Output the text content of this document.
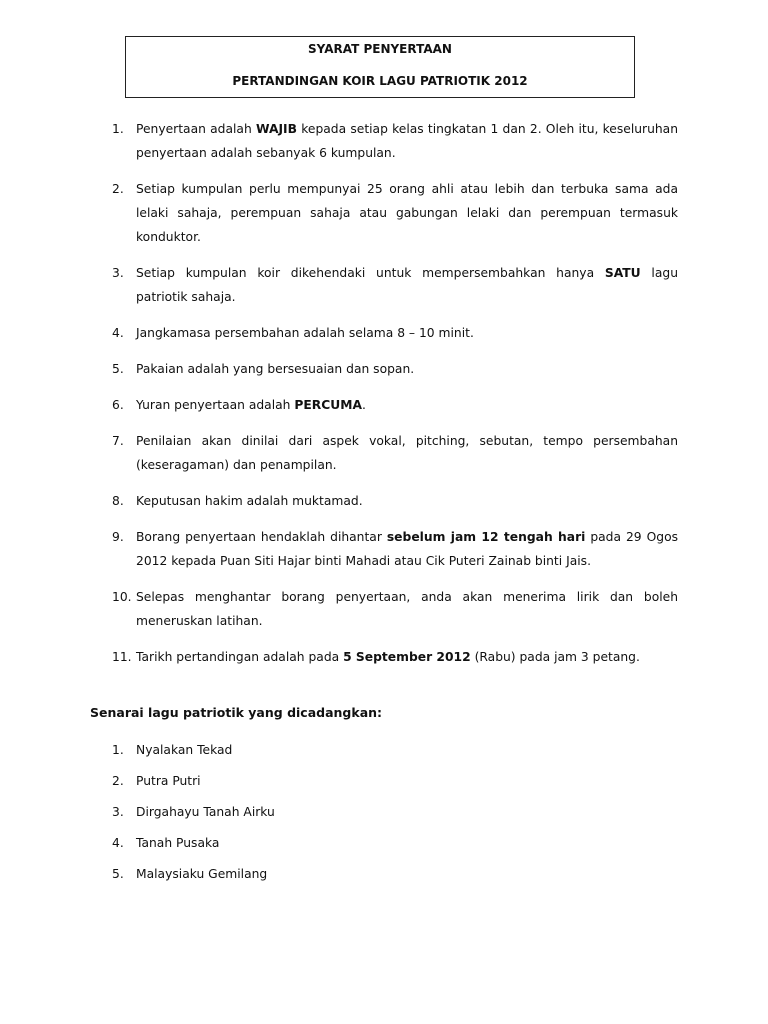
SYARAT PENYERTAAN
PERTANDINGAN KOIR LAGU PATRIOTIK 2012
1. Penyertaan adalah WAJIB kepada setiap kelas tingkatan 1 dan 2. Oleh itu, keseluruhan penyertaan adalah sebanyak 6 kumpulan.
2. Setiap kumpulan perlu mempunyai 25 orang ahli atau lebih dan terbuka sama ada lelaki sahaja, perempuan sahaja atau gabungan lelaki dan perempuan termasuk konduktor.
3. Setiap kumpulan koir dikehendaki untuk mempersembahkan hanya SATU lagu patriotik sahaja.
4. Jangkamasa persembahan adalah selama 8 – 10 minit.
5. Pakaian adalah yang bersesuaian dan sopan.
6. Yuran penyertaan adalah PERCUMA.
7. Penilaian akan dinilai dari aspek vokal, pitching, sebutan, tempo persembahan (keseragaman) dan penampilan.
8. Keputusan hakim adalah muktamad.
9. Borang penyertaan hendaklah dihantar sebelum jam 12 tengah hari pada 29 Ogos 2012 kepada Puan Siti Hajar binti Mahadi atau Cik Puteri Zainab binti Jais.
10. Selepas menghantar borang penyertaan, anda akan menerima lirik dan boleh meneruskan latihan.
11. Tarikh pertandingan adalah pada 5 September 2012 (Rabu) pada jam 3 petang.
Senarai lagu patriotik yang dicadangkan:
1. Nyalakan Tekad
2. Putra Putri
3. Dirgahayu Tanah Airku
4. Tanah Pusaka
5. Malaysiaku Gemilang
